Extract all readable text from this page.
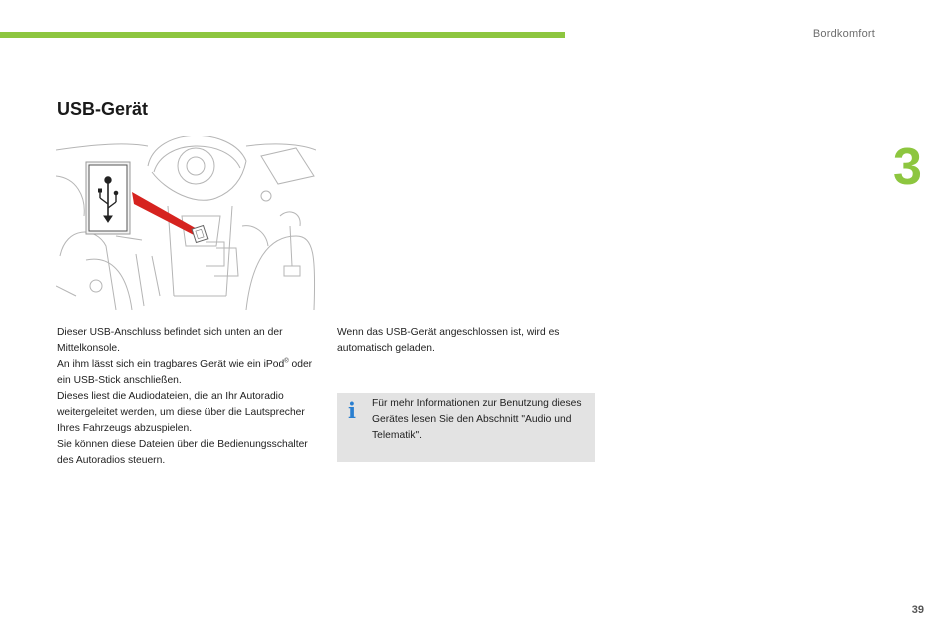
Bordkomfort
3
USB-Gerät

Dieser USB-Anschluss befindet sich unten an der Mittelkonsole.

An ihm lässt sich ein tragbares Gerät wie ein iPod® oder ein USB-Stick anschließen.

Dieses liest die Audiodateien, die an Ihr Autoradio weitergeleitet werden, um diese über die Lautsprecher Ihres Fahrzeugs abzuspielen.

Sie können diese Dateien über die Bedienungsschalter des Autoradios steuern.

Wenn das USB-Gerät angeschlossen ist, wird es automatisch geladen.

i Für mehr Informationen zur Benutzung dieses Gerätes lesen Sie den Abschnitt "Audio und Telematik".
39
